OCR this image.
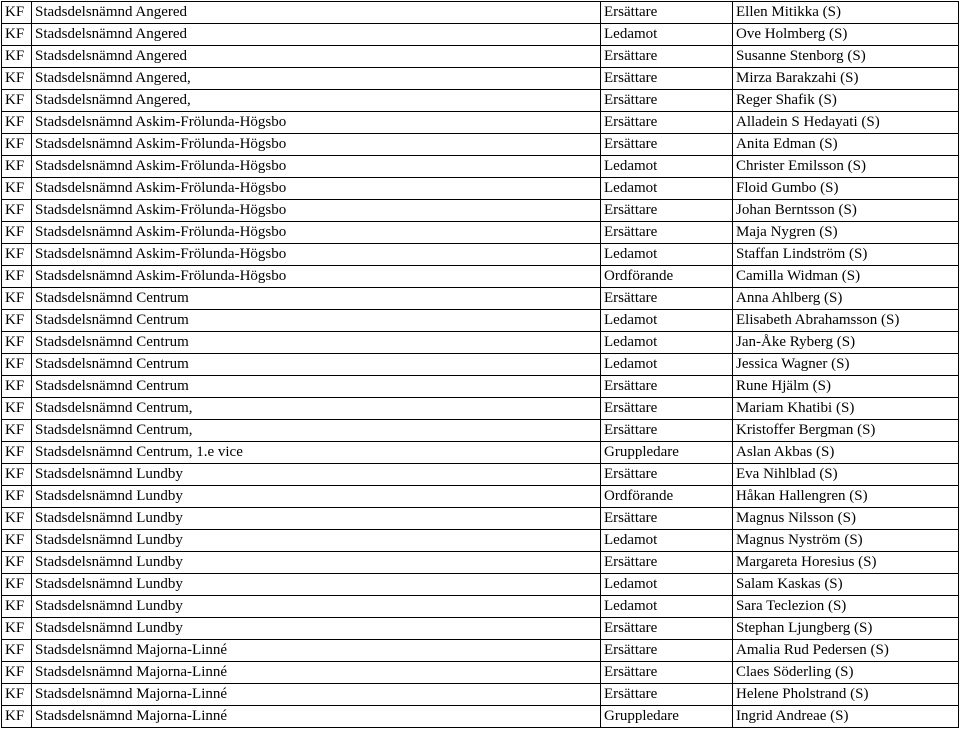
KF	Stadsdelsnämnd Angered	Ersättare	Ellen Mitikka (S)
KF	Stadsdelsnämnd Angered	Ledamot	Ove Holmberg (S)
KF	Stadsdelsnämnd Angered	Ersättare	Susanne Stenborg (S)
KF	Stadsdelsnämnd Angered,	Ersättare	Mirza Barakzahi (S)
KF	Stadsdelsnämnd Angered,	Ersättare	Reger Shafik (S)
KF	Stadsdelsnämnd Askim-Frölunda-Högsbo	Ersättare	Alladein S Hedayati (S)
KF	Stadsdelsnämnd Askim-Frölunda-Högsbo	Ersättare	Anita Edman (S)
KF	Stadsdelsnämnd Askim-Frölunda-Högsbo	Ledamot	Christer Emilsson (S)
KF	Stadsdelsnämnd Askim-Frölunda-Högsbo	Ledamot	Floid Gumbo (S)
KF	Stadsdelsnämnd Askim-Frölunda-Högsbo	Ersättare	Johan Berntsson (S)
KF	Stadsdelsnämnd Askim-Frölunda-Högsbo	Ersättare	Maja Nygren (S)
KF	Stadsdelsnämnd Askim-Frölunda-Högsbo	Ledamot	Staffan Lindström (S)
KF	Stadsdelsnämnd Askim-Frölunda-Högsbo	Ordförande	Camilla Widman (S)
KF	Stadsdelsnämnd Centrum	Ersättare	Anna Ahlberg (S)
KF	Stadsdelsnämnd Centrum	Ledamot	Elisabeth Abrahamsson (S)
KF	Stadsdelsnämnd Centrum	Ledamot	Jan-Åke Ryberg (S)
KF	Stadsdelsnämnd Centrum	Ledamot	Jessica Wagner (S)
KF	Stadsdelsnämnd Centrum	Ersättare	Rune Hjälm (S)
KF	Stadsdelsnämnd Centrum,	Ersättare	Mariam Khatibi (S)
KF	Stadsdelsnämnd Centrum,	Ersättare	Kristoffer Bergman (S)
KF	Stadsdelsnämnd Centrum, 1.e vice	Gruppledare	Aslan Akbas (S)
KF	Stadsdelsnämnd Lundby	Ersättare	Eva Nihlblad (S)
KF	Stadsdelsnämnd Lundby	Ordförande	Håkan Hallengren (S)
KF	Stadsdelsnämnd Lundby	Ersättare	Magnus Nilsson (S)
KF	Stadsdelsnämnd Lundby	Ledamot	Magnus Nyström (S)
KF	Stadsdelsnämnd Lundby	Ersättare	Margareta Horesius (S)
KF	Stadsdelsnämnd Lundby	Ledamot	Salam Kaskas (S)
KF	Stadsdelsnämnd Lundby	Ledamot	Sara Teclezion (S)
KF	Stadsdelsnämnd Lundby	Ersättare	Stephan Ljungberg (S)
KF	Stadsdelsnämnd Majorna-Linné	Ersättare	Amalia Rud Pedersen (S)
KF	Stadsdelsnämnd Majorna-Linné	Ersättare	Claes Söderling (S)
KF	Stadsdelsnämnd Majorna-Linné	Ersättare	Helene Pholstrand (S)
KF	Stadsdelsnämnd Majorna-Linné	Gruppledare	Ingrid Andreae (S)
